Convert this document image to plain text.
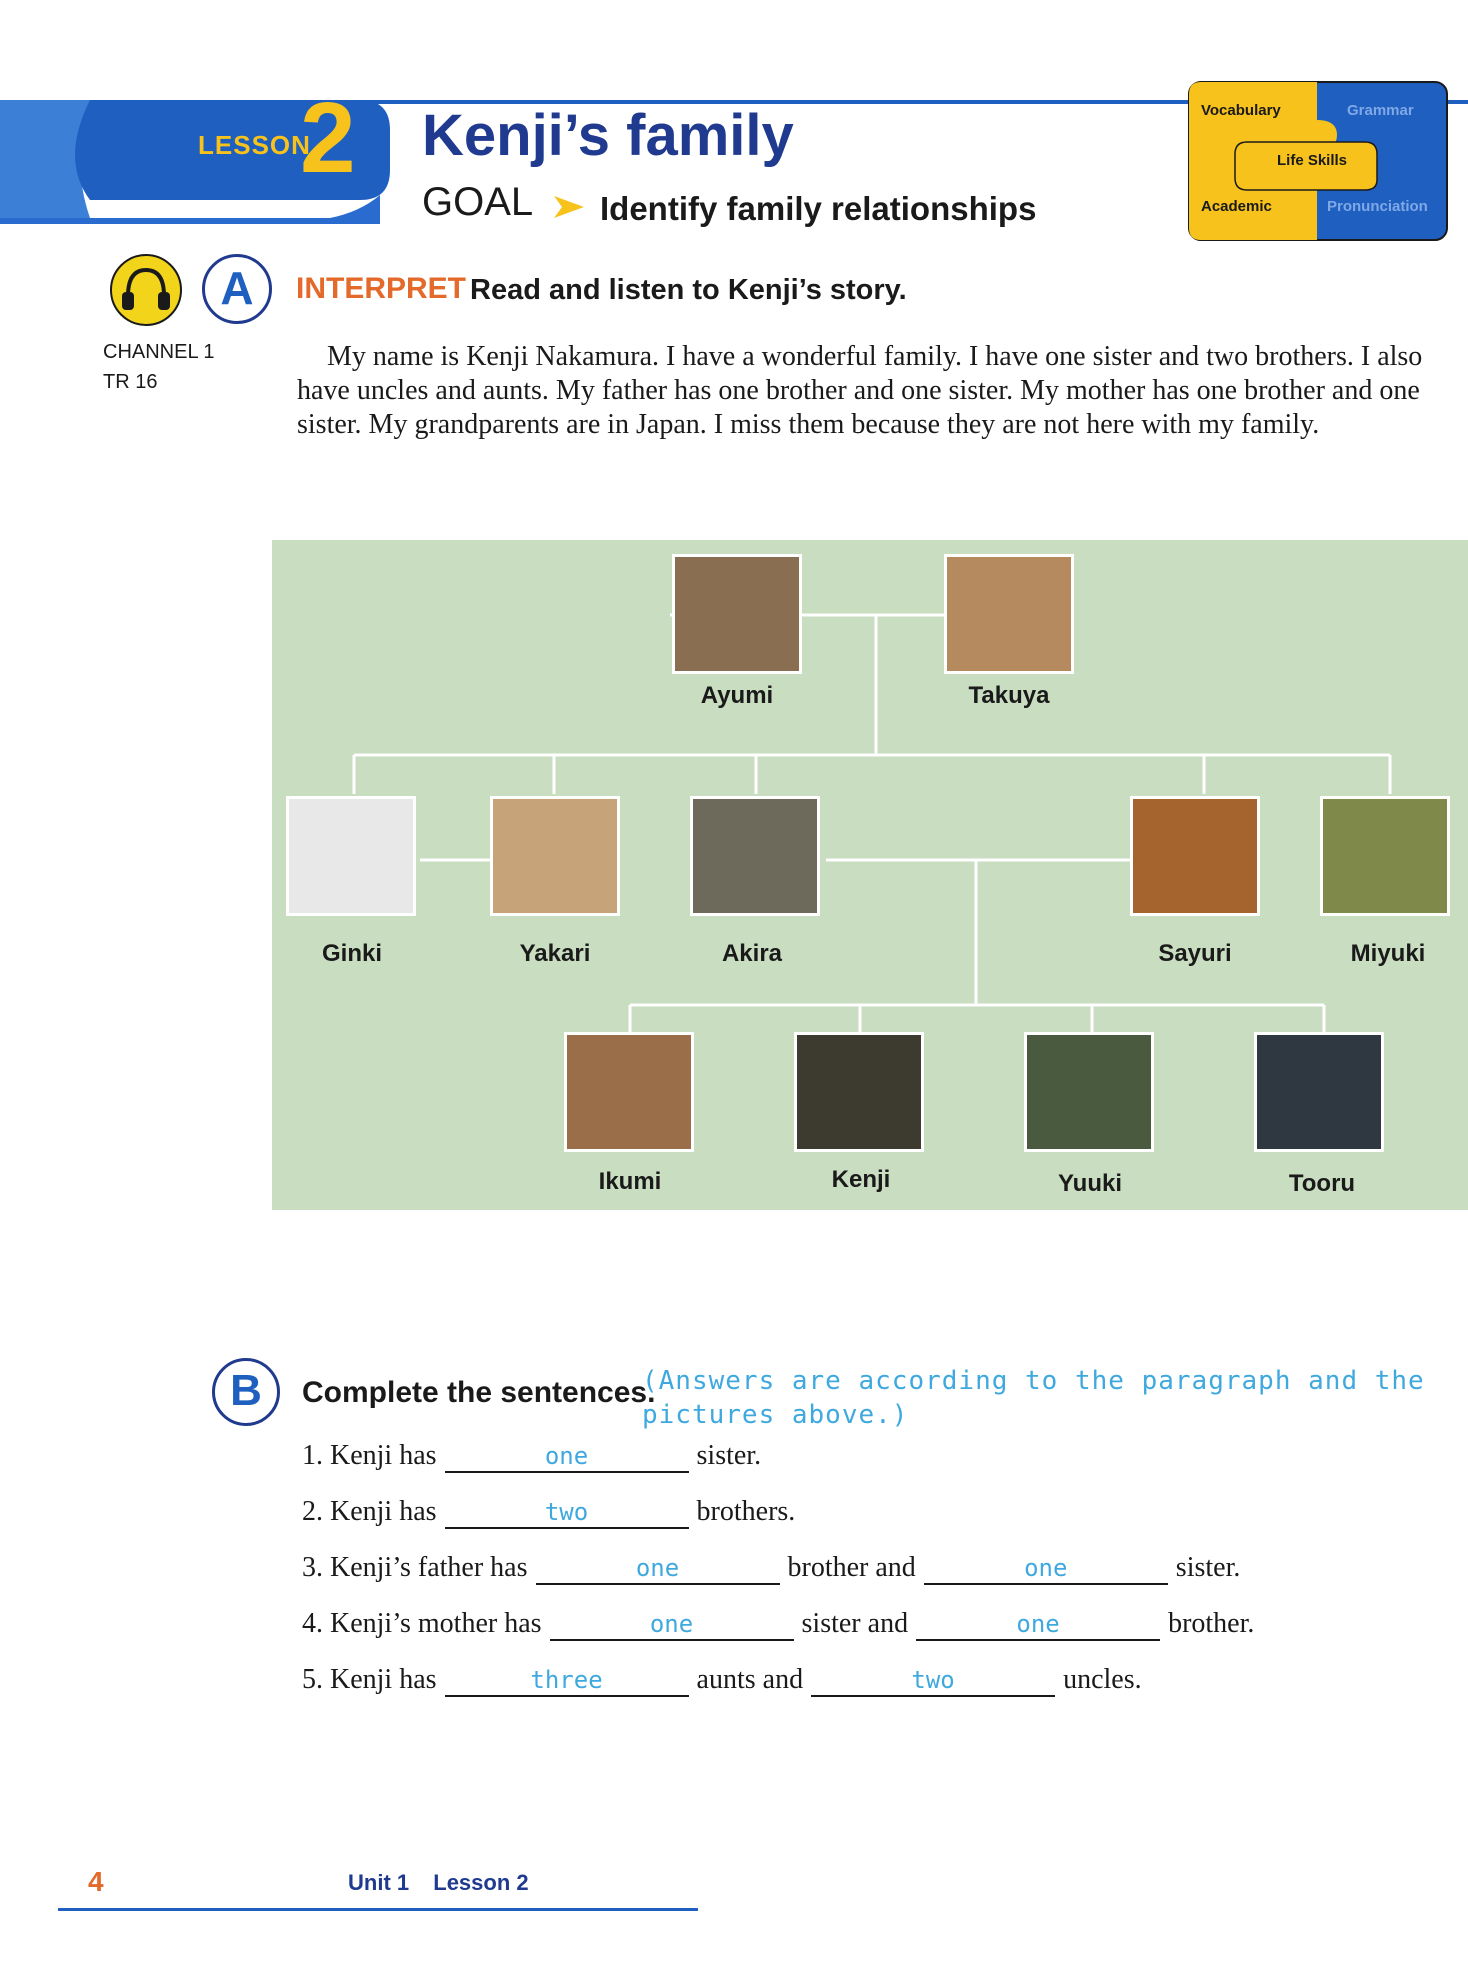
LESSON
2 Kenji’s family
GOAL Identify family relationships
Vocabulary	Grammar
Life Skills
Academic	Pronunciation
A
CHANNEL 1
TR 16
INTERPRET Read and listen to Kenji’s story.
My name is Kenji Nakamura. I have a wonderful family. I have one sister and two brothers. I also have uncles and aunts. My father has one brother and one sister. My mother has one brother and one sister. My grandparents are in Japan. I miss them because they are not here with my family.
Ayumi	Takuya
Ginki	Yakari	Akira	Sayuri	Miyuki
Ikumi	Kenji	Yuuki	Tooru
B	Complete the sentences.
(Answers are according to the paragraph and the pictures above.)
1. Kenji has	one	sister.
2. Kenji has	two	brothers.
3. Kenji’s father has	one	brother and	one	sister.
4. Kenji’s mother has	one	sister and	one	brother.
5. Kenji has	three	aunts and	two	uncles.
4	Unit 1 Lesson 2
